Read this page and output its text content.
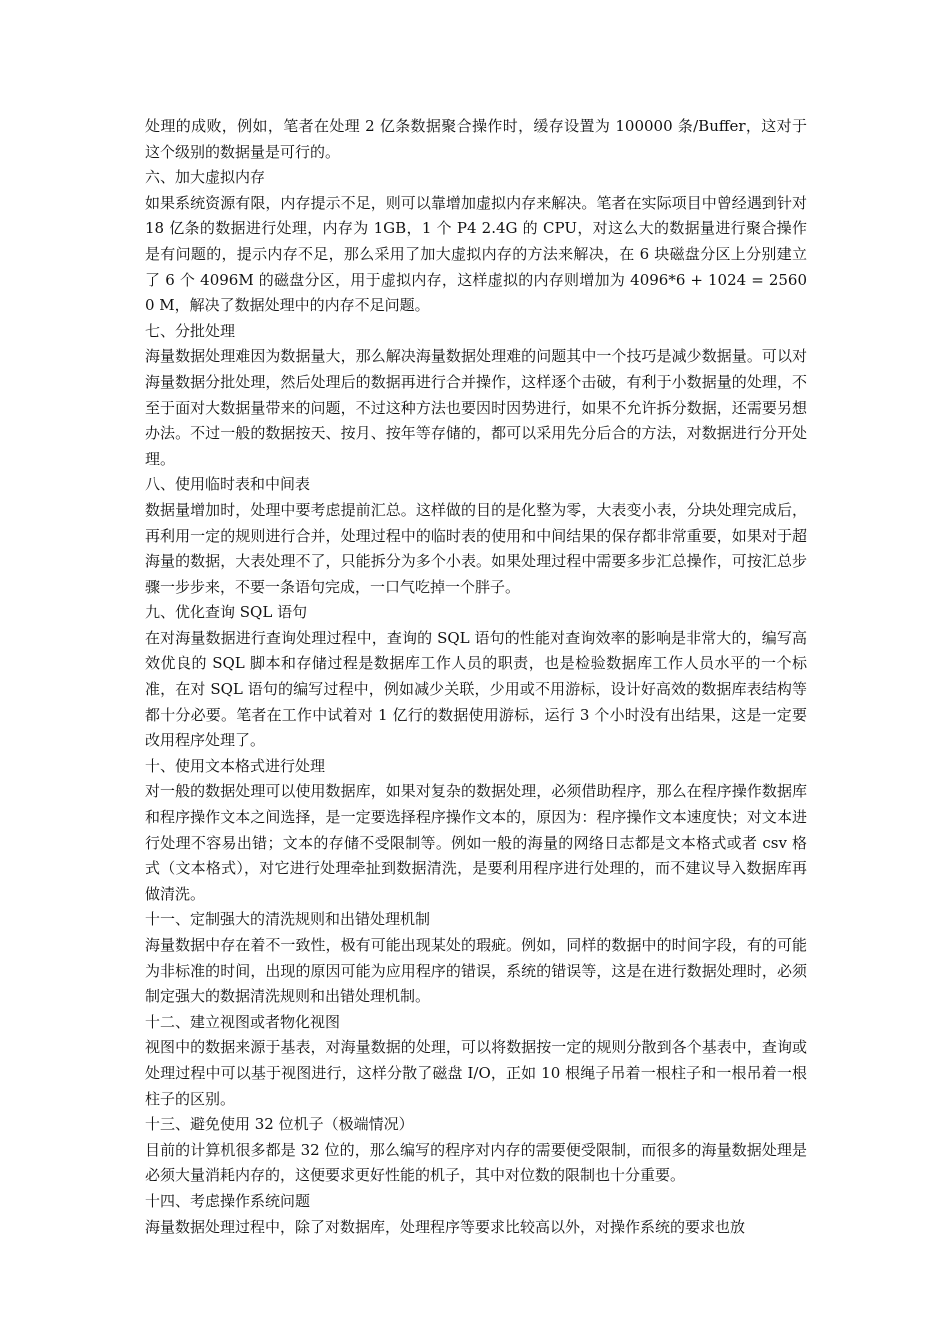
处理的成败，例如，笔者在处理 2 亿条数据聚合操作时，缓存设置为 100000 条/Buffer，这对于这个级别的数据量是可行的。

六、加大虚拟内存

如果系统资源有限，内存提示不足，则可以靠增加虚拟内存来解决。笔者在实际项目中曾经遇到针对 18 亿条的数据进行处理，内存为 1GB，1 个 P4 2.4G 的 CPU，对这么大的数据量进行聚合操作是有问题的，提示内存不足，那么采用了加大虚拟内存的方法来解决，在 6 块磁盘分区上分别建立了 6 个 4096M 的磁盘分区，用于虚拟内存，这样虚拟的内存则增加为 4096*6 + 1024 = 25600 M，解决了数据处理中的内存不足问题。

七、分批处理

海量数据处理难因为数据量大，那么解决海量数据处理难的问题其中一个技巧是减少数据量。可以对海量数据分批处理，然后处理后的数据再进行合并操作，这样逐个击破，有利于小数据量的处理，不至于面对大数据量带来的问题，不过这种方法也要因时因势进行，如果不允许拆分数据，还需要另想办法。不过一般的数据按天、按月、按年等存储的，都可以采用先分后合的方法，对数据进行分开处理。

八、使用临时表和中间表

数据量增加时，处理中要考虑提前汇总。这样做的目的是化整为零，大表变小表，分块处理完成后，再利用一定的规则进行合并，处理过程中的临时表的使用和中间结果的保存都非常重要，如果对于超海量的数据，大表处理不了，只能拆分为多个小表。如果处理过程中需要多步汇总操作，可按汇总步骤一步步来，不要一条语句完成，一口气吃掉一个胖子。

九、优化查询 SQL 语句

在对海量数据进行查询处理过程中，查询的 SQL 语句的性能对查询效率的影响是非常大的，编写高效优良的 SQL 脚本和存储过程是数据库工作人员的职责，也是检验数据库工作人员水平的一个标准，在对 SQL 语句的编写过程中，例如减少关联，少用或不用游标，设计好高效的数据库表结构等都十分必要。笔者在工作中试着对 1 亿行的数据使用游标，运行 3 个小时没有出结果，这是一定要改用程序处理了。

十、使用文本格式进行处理

对一般的数据处理可以使用数据库，如果对复杂的数据处理，必须借助程序，那么在程序操作数据库和程序操作文本之间选择，是一定要选择程序操作文本的，原因为：程序操作文本速度快；对文本进行处理不容易出错；文本的存储不受限制等。例如一般的海量的网络日志都是文本格式或者 csv 格式（文本格式），对它进行处理牵扯到数据清洗，是要利用程序进行处理的，而不建议导入数据库再做清洗。

十一、定制强大的清洗规则和出错处理机制

海量数据中存在着不一致性，极有可能出现某处的瑕疵。例如，同样的数据中的时间字段，有的可能为非标准的时间，出现的原因可能为应用程序的错误，系统的错误等，这是在进行数据处理时，必须制定强大的数据清洗规则和出错处理机制。

十二、建立视图或者物化视图

视图中的数据来源于基表，对海量数据的处理，可以将数据按一定的规则分散到各个基表中，查询或处理过程中可以基于视图进行，这样分散了磁盘 I/O，正如 10 根绳子吊着一根柱子和一根吊着一根柱子的区别。

十三、避免使用 32 位机子（极端情况）

目前的计算机很多都是 32 位的，那么编写的程序对内存的需要便受限制，而很多的海量数据处理是必须大量消耗内存的，这便要求更好性能的机子，其中对位数的限制也十分重要。

十四、考虑操作系统问题

海量数据处理过程中，除了对数据库，处理程序等要求比较高以外，对操作系统的要求也放
